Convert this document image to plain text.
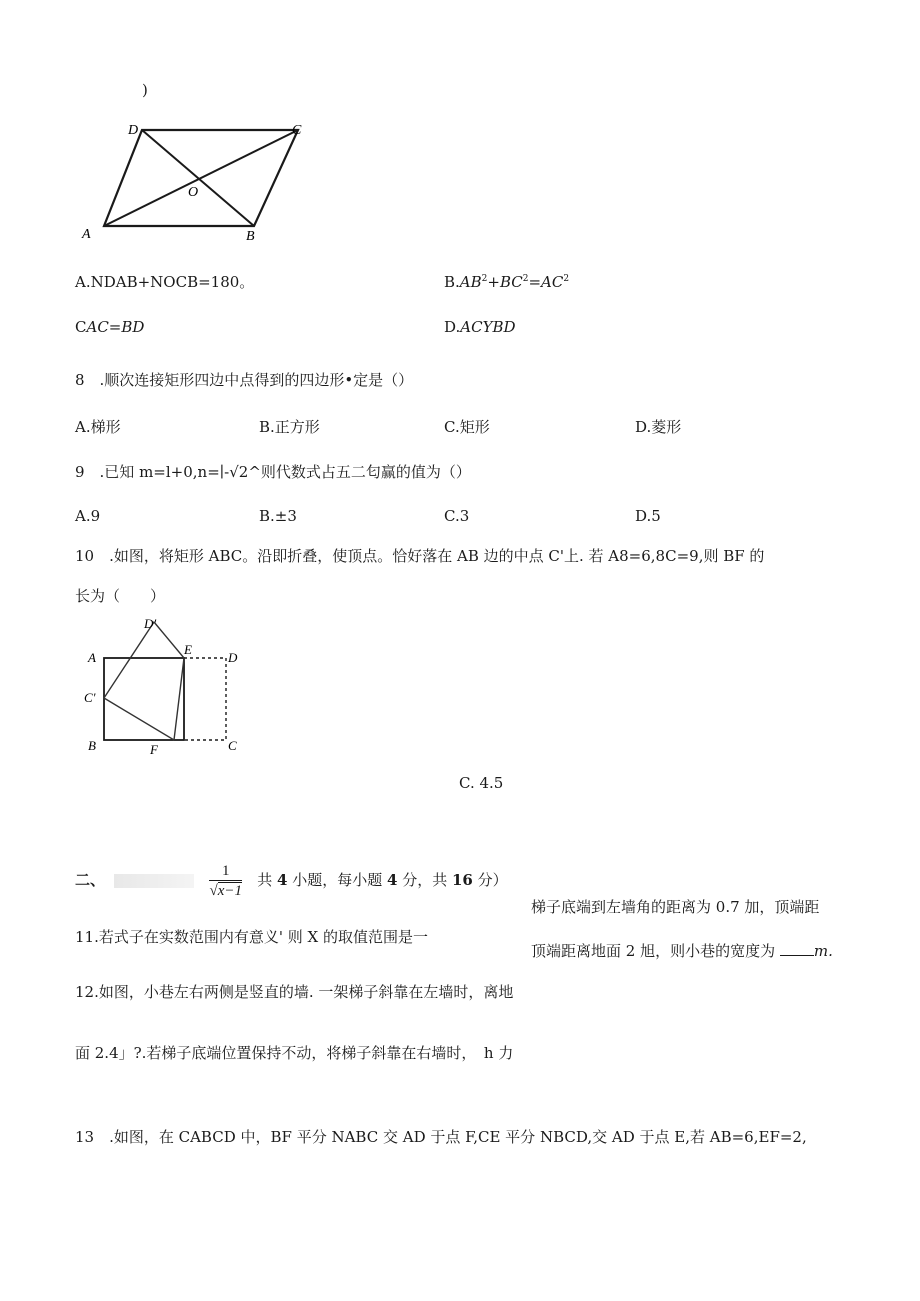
)
D	C
O
A	B
A.NDAB+NOCB=180。	$B.AB^2+BC^2=AC^2$
CAC=BD	D.ACYBD
8　.顺次连接矩形四边中点得到的四边形•定是（）
A.梯形	B.正方形	C.矩形	D.菱形
9　.已知 m=l+0,n=∣-√2^则代数式占五二匂赢的值为（）
A.9	B.±3	C.3	D.5
10　.如图，将矩形 ABC。沿即折叠，使顶点。恰好落在 AB 边的中点 C'上. 若 A8=6,8C=9,则 BF 的
长为（　　）
D'
A
E
D
C'
B	F	C
C. 4.5
二、	$\frac{1}{√x-1}$ 共 4 小题，每小题 4 分，共 16 分）
梯子底端到左墙角的距离为 0.7 加，顶端距
顶端距离地面 2 旭，则小巷的宽度为 m.
11.若式子在实数范围内有意义' 则 X 的取值范围是一
12.如图，小巷左右两侧是竖直的墙. 一架梯子斜靠在左墙时，离地
面 2.4」?.若梯子底端位置保持不动，将梯子斜靠在右墙时，　h 力
13　.如图，在 CABCD 中，BF 平分 NABC 交 AD 于点 F,CE 平分 NBCD,交 AD 于点 E,若 AB=6,EF=2,
